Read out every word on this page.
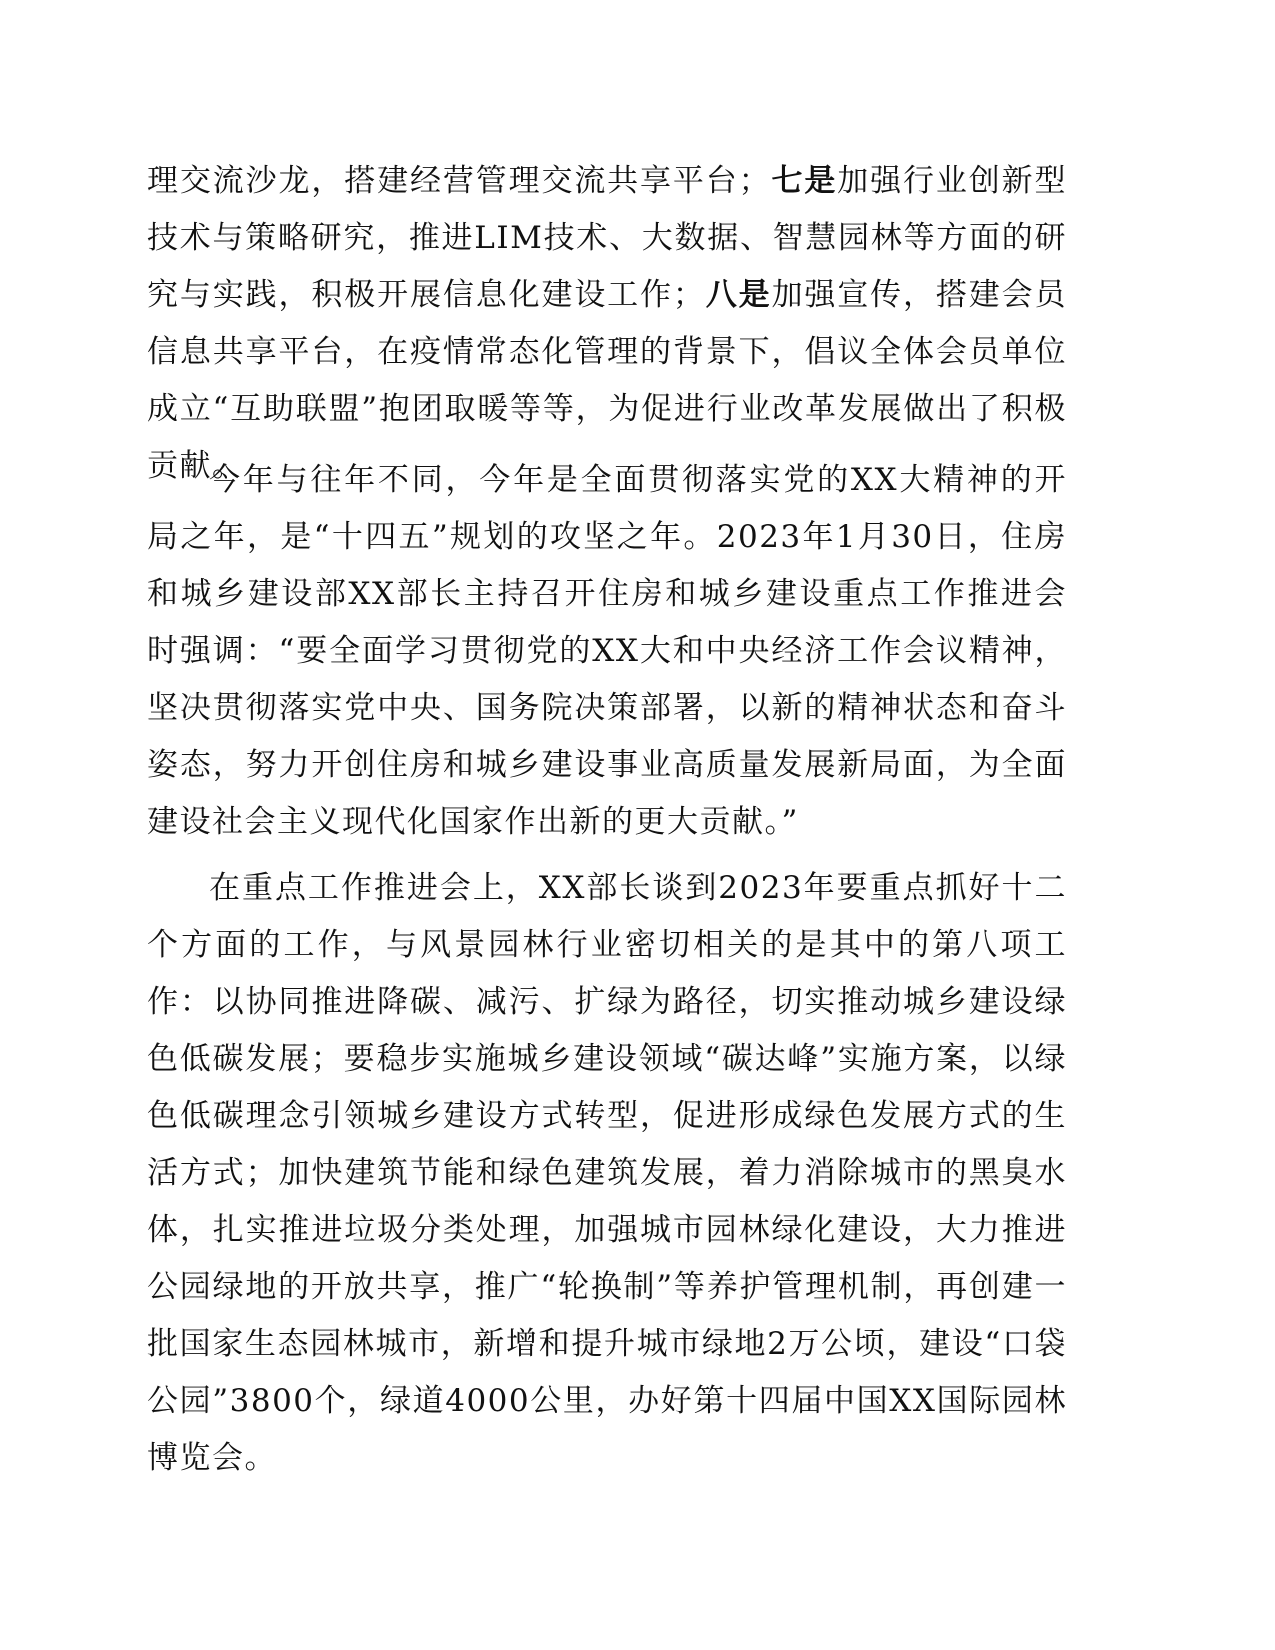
理交流沙龙，搭建经营管理交流共享平台；七是加强行业创新型技术与策略研究，推进LIM技术、大数据、智慧园林等方面的研究与实践，积极开展信息化建设工作；八是加强宣传，搭建会员信息共享平台，在疫情常态化管理的背景下，倡议全体会员单位成立“互助联盟”抱团取暖等等，为促进行业改革发展做出了积极贡献。

今年与往年不同，今年是全面贯彻落实党的XX大精神的开局之年，是“十四五”规划的攻坚之年。2023年1月30日，住房和城乡建设部XX部长主持召开住房和城乡建设重点工作推进会时强调：“要全面学习贯彻党的XX大和中央经济工作会议精神，坚决贯彻落实党中央、国务院决策部署，以新的精神状态和奋斗姿态，努力开创住房和城乡建设事业高质量发展新局面，为全面建设社会主义现代化国家作出新的更大贡献。”

在重点工作推进会上，XX部长谈到2023年要重点抓好十二个方面的工作，与风景园林行业密切相关的是其中的第八项工作：以协同推进降碳、减污、扩绿为路径，切实推动城乡建设绿色低碳发展；要稳步实施城乡建设领域“碳达峰”实施方案，以绿色低碳理念引领城乡建设方式转型，促进形成绿色发展方式的生活方式；加快建筑节能和绿色建筑发展，着力消除城市的黑臭水体，扎实推进垃圾分类处理，加强城市园林绿化建设，大力推进公园绿地的开放共享，推广“轮换制”等养护管理机制，再创建一批国家生态园林城市，新增和提升城市绿地2万公顷，建设“口袋公园”3800个，绿道4000公里，办好第十四届中国XX国际园林博览会。
